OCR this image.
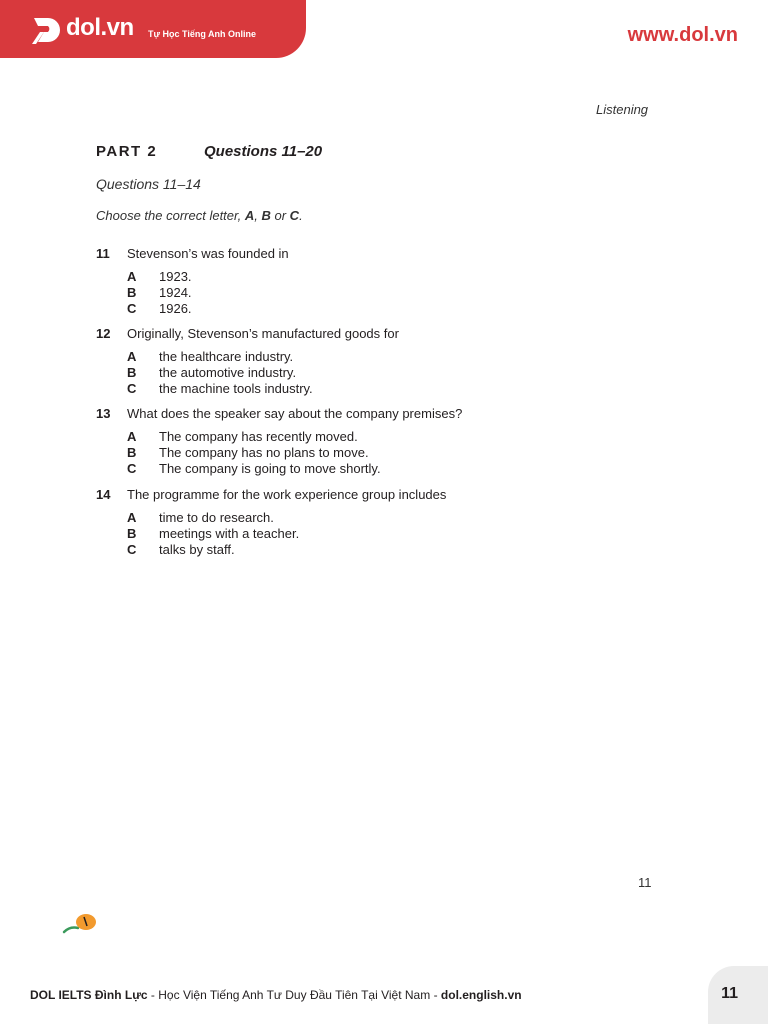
dol.vn Tự Học Tiếng Anh Online	www.dol.vn
Listening
PART 2	Questions 11–20
Questions 11–14
Choose the correct letter, A, B or C.
11 Stevenson’s was founded in
A 1923.
B 1924.
C 1926.
12 Originally, Stevenson’s manufactured goods for
A the healthcare industry.
B the automotive industry.
C the machine tools industry.
13 What does the speaker say about the company premises?
A The company has recently moved.
B The company has no plans to move.
C The company is going to move shortly.
14 The programme for the work experience group includes
A time to do research.
B meetings with a teacher.
C talks by staff.
11
DOL IELTS Đình Lực - Học Viện Tiếng Anh Tư Duy Đầu Tiên Tại Việt Nam - dol.english.vn	11
